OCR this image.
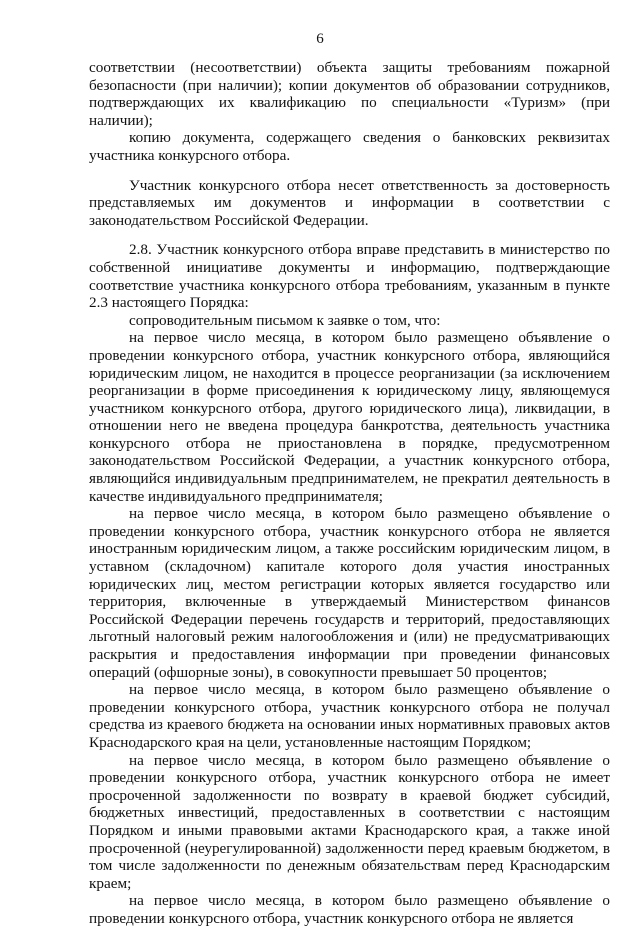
6

соответствии (несоответствии) объекта защиты требованиям пожарной безопасности (при наличии); копии документов об образовании сотрудников, подтверждающих их квалификацию по специальности «Туризм» (при наличии);

копию документа, содержащего сведения о банковских реквизитах участника конкурсного отбора.

Участник конкурсного отбора несет ответственность за достоверность представляемых им документов и информации в соответствии с законодательством Российской Федерации.

2.8. Участник конкурсного отбора вправе представить в министерство по собственной инициативе документы и информацию, подтверждающие соответствие участника конкурсного отбора требованиям, указанным в пункте 2.3 настоящего Порядка:

сопроводительным письмом к заявке о том, что:

на первое число месяца, в котором было размещено объявление о проведении конкурсного отбора, участник конкурсного отбора, являющийся юридическим лицом, не находится в процессе реорганизации (за исключением реорганизации в форме присоединения к юридическому лицу, являющемуся участником конкурсного отбора, другого юридического лица), ликвидации, в отношении него не введена процедура банкротства, деятельность участника конкурсного отбора не приостановлена в порядке, предусмотренном законодательством Российской Федерации, а участник конкурсного отбора, являющийся индивидуальным предпринимателем, не прекратил деятельность в качестве индивидуального предпринимателя;

на первое число месяца, в котором было размещено объявление о проведении конкурсного отбора, участник конкурсного отбора не является иностранным юридическим лицом, а также российским юридическим лицом, в уставном (складочном) капитале которого доля участия иностранных юридических лиц, местом регистрации которых является государство или территория, включенные в утверждаемый Министерством финансов Российской Федерации перечень государств и территорий, предоставляющих льготный налоговый режим налогообложения и (или) не предусматривающих раскрытия и предоставления информации при проведении финансовых операций (офшорные зоны), в совокупности превышает 50 процентов;

на первое число месяца, в котором было размещено объявление о проведении конкурсного отбора, участник конкурсного отбора не получал средства из краевого бюджета на основании иных нормативных правовых актов Краснодарского края на цели, установленные настоящим Порядком;

на первое число месяца, в котором было размещено объявление о проведении конкурсного отбора, участник конкурсного отбора не имеет просроченной задолженности по возврату в краевой бюджет субсидий, бюджетных инвестиций, предоставленных в соответствии с настоящим Порядком и иными правовыми актами Краснодарского края, а также иной просроченной (неурегулированной) задолженности перед краевым бюджетом, в том числе задолженности по денежным обязательствам перед Краснодарским краем;

на первое число месяца, в котором было размещено объявление о проведении конкурсного отбора, участник конкурсного отбора не является
